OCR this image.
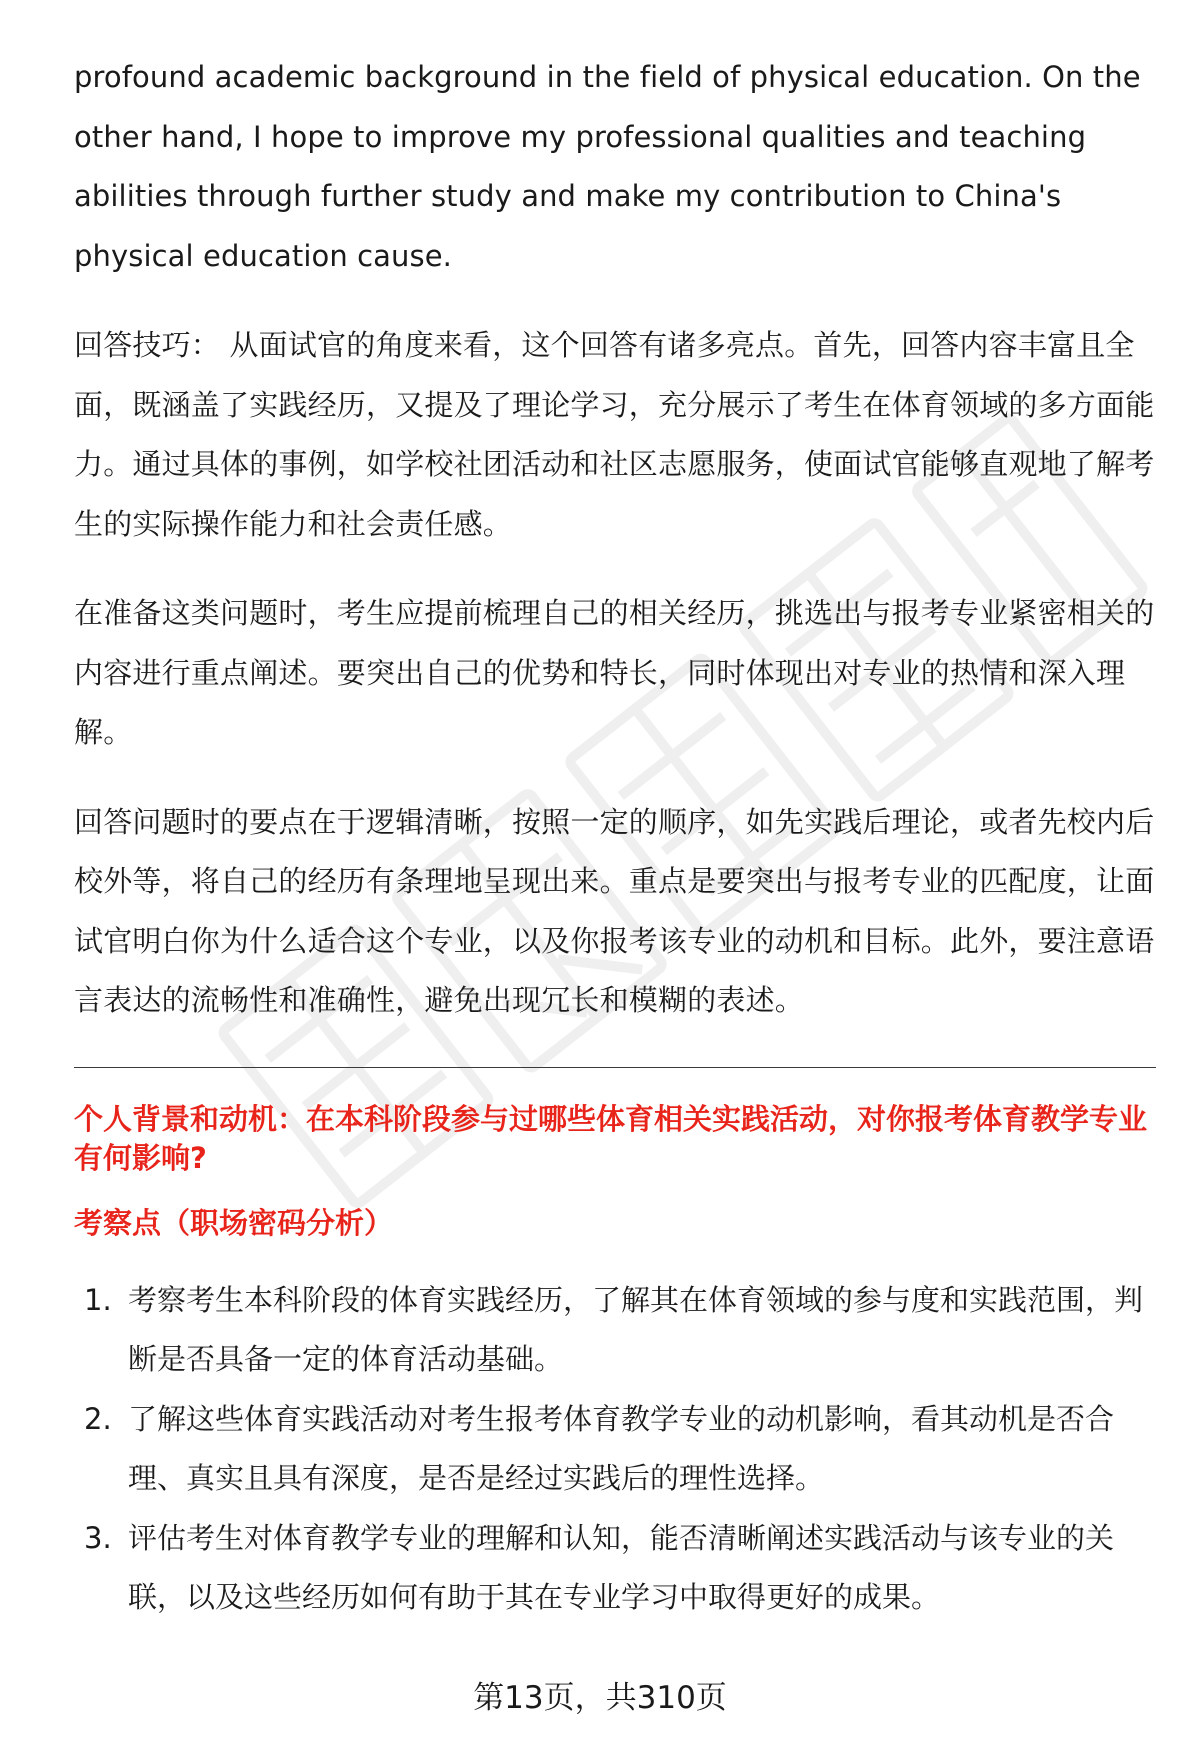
profound academic background in the field of physical education. On the other hand, I hope to improve my professional qualities and teaching abilities through further study and make my contribution to China's physical education cause.

回答技巧： 从面试官的角度来看，这个回答有诸多亮点。首先，回答内容丰富且全面，既涵盖了实践经历，又提及了理论学习，充分展示了考生在体育领域的多方面能力。通过具体的事例，如学校社团活动和社区志愿服务，使面试官能够直观地了解考生的实际操作能力和社会责任感。

在准备这类问题时，考生应提前梳理自己的相关经历，挑选出与报考专业紧密相关的内容进行重点阐述。要突出自己的优势和特长，同时体现出对专业的热情和深入理解。

回答问题时的要点在于逻辑清晰，按照一定的顺序，如先实践后理论，或者先校内后校外等，将自己的经历有条理地呈现出来。重点是要突出与报考专业的匹配度，让面试官明白你为什么适合这个专业，以及你报考该专业的动机和目标。此外，要注意语言表达的流畅性和准确性，避免出现冗长和模糊的表述。

个人背景和动机：在本科阶段参与过哪些体育相关实践活动，对你报考体育教学专业有何影响?

考察点（职场密码分析）

1. 考察考生本科阶段的体育实践经历，了解其在体育领域的参与度和实践范围，判断是否具备一定的体育活动基础。
2. 了解这些体育实践活动对考生报考体育教学专业的动机影响，看其动机是否合理、真实且具有深度，是否是经过实践后的理性选择。
3. 评估考生对体育教学专业的理解和认知，能否清晰阐述实践活动与该专业的关联，以及这些经历如何有助于其在专业学习中取得更好的成果。
第13页，共310页
